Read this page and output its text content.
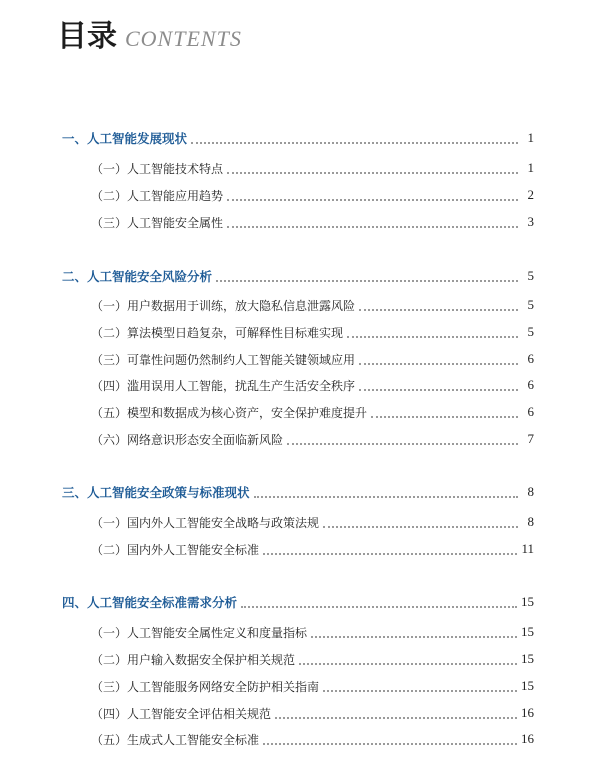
目录 CONTENTS
一、人工智能发展现状	1
（一）人工智能技术特点	1
（二）人工智能应用趋势	2
（三）人工智能安全属性	3
二、人工智能安全风险分析	5
（一）用户数据用于训练，放大隐私信息泄露风险	5
（二）算法模型日趋复杂，可解释性目标难实现	5
（三）可靠性问题仍然制约人工智能关键领域应用	6
（四）滥用误用人工智能，扰乱生产生活安全秩序	6
（五）模型和数据成为核心资产，安全保护难度提升	6
（六）网络意识形态安全面临新风险	7
三、人工智能安全政策与标准现状	8
（一）国内外人工智能安全战略与政策法规	8
（二）国内外人工智能安全标准	11
四、人工智能安全标准需求分析	15
（一）人工智能安全属性定义和度量指标	15
（二）用户输入数据安全保护相关规范	15
（三）人工智能服务网络安全防护相关指南	15
（四）人工智能安全评估相关规范	16
（五）生成式人工智能安全标准	16
